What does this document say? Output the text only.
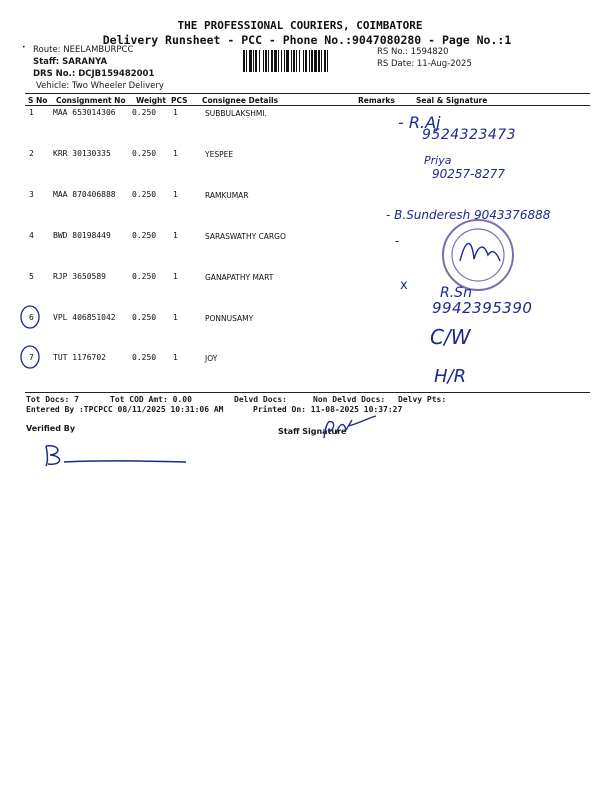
THE PROFESSIONAL COURIERS, COIMBATORE
Delivery Runsheet - PCC - Phone No.:9047080280 - Page No.:1
• Route: NEELAMBURPCC
Staff: SARANYA
DRS No.: DCJB159482001
Vehicle: Two Wheeler Delivery
RS No.: 1594820
RS Date: 11-Aug-2025
S No Consignment No Weight PCS Consignee Details	Remarks	Seal & Signature
1 MAA 653014306 0.250 1	SUBBULAKSHMI.
2 KRR 30130335	0.250 1	YESPEE
3 MAA 870406888 0.250 1	RAMKUMAR
4 BWD 80198449	0.250 1	SARASWATHY CARGO
5 RJP 3650589	0.250 1	GANAPATHY MART
6 VPL 406851042 0.250 1	PONNUSAMY
7 TUT 1176702	0.250 1	JOY
- R.Aj
9524323473
Priya
90257-8277
- B.Sunderesh 9043376888
-
x R.Sn
9942395390
C/W
H/R
Tot Docs: 7	Tot COD Amt: 0.00	Delvd Docs:	Non Delvd Docs: Delvy Pts:
Entered By :TPCPCC 08/11/2025 10:31:06 AM	Printed On: 11-08-2025 10:37:27
Verified By	Staff Signature
